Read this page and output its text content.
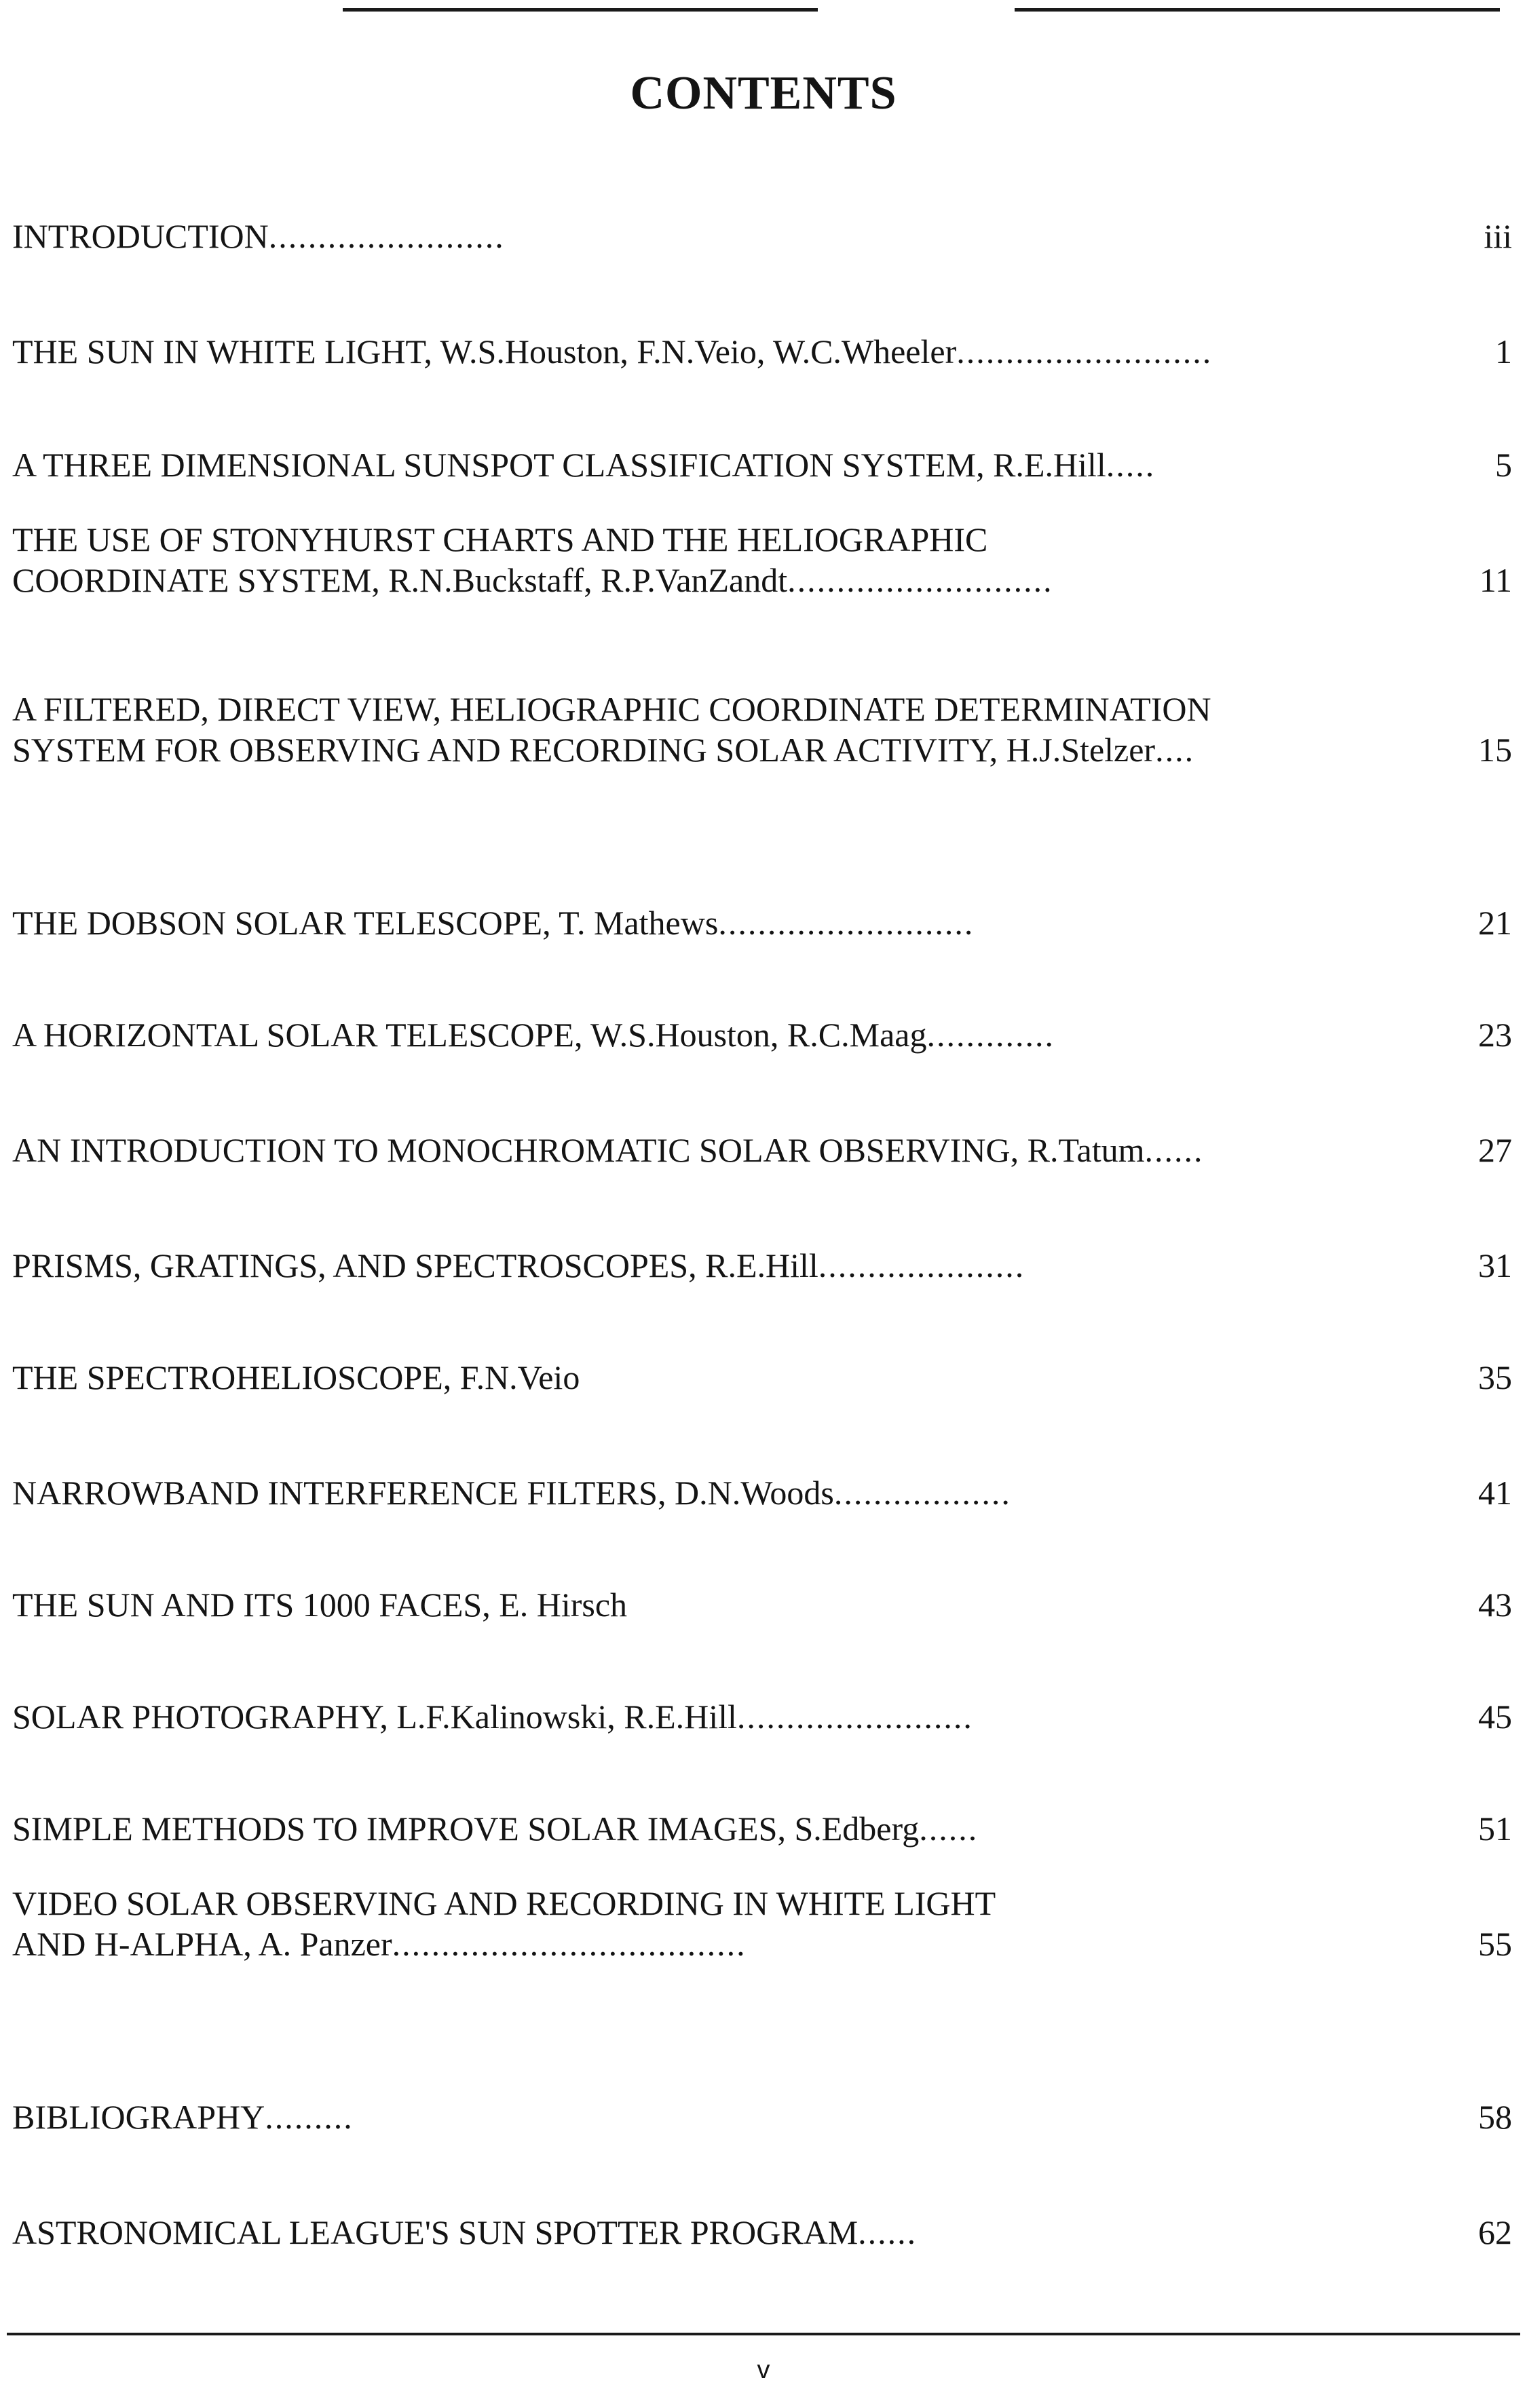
CONTENTS
INTRODUCTION ........................	iii
THE SUN IN WHITE LIGHT, W.S.Houston, F.N.Veio, W.C.Wheeler ..........................	1
A THREE DIMENSIONAL SUNSPOT CLASSIFICATION SYSTEM, R.E.Hill .....	5
THE USE OF STONYHURST CHARTS AND THE HELIOGRAPHIC
COORDINATE SYSTEM, R.N.Buckstaff, R.P.VanZandt ...........................	11
A FILTERED, DIRECT VIEW, HELIOGRAPHIC COORDINATE DETERMINATION
SYSTEM FOR OBSERVING AND RECORDING SOLAR ACTIVITY, H.J.Stelzer ....	15
THE DOBSON SOLAR TELESCOPE, T. Mathews ..........................	21
A HORIZONTAL SOLAR TELESCOPE, W.S.Houston, R.C.Maag .............	23
AN INTRODUCTION TO MONOCHROMATIC SOLAR OBSERVING, R.Tatum ......	27
PRISMS, GRATINGS, AND SPECTROSCOPES, R.E.Hill .....................	31
THE SPECTROHELIOSCOPE, F.N.Veio	35
NARROWBAND INTERFERENCE FILTERS, D.N.Woods ..................	41
THE SUN AND ITS 1000 FACES, E. Hirsch	43
SOLAR PHOTOGRAPHY, L.F.Kalinowski, R.E.Hill ........................	45
SIMPLE METHODS TO IMPROVE SOLAR IMAGES, S.Edberg ......	51
VIDEO SOLAR OBSERVING AND RECORDING IN WHITE LIGHT
AND H-ALPHA, A. Panzer ....................................	55
BIBLIOGRAPHY .........	58
ASTRONOMICAL LEAGUE'S SUN SPOTTER PROGRAM ......	62
v
